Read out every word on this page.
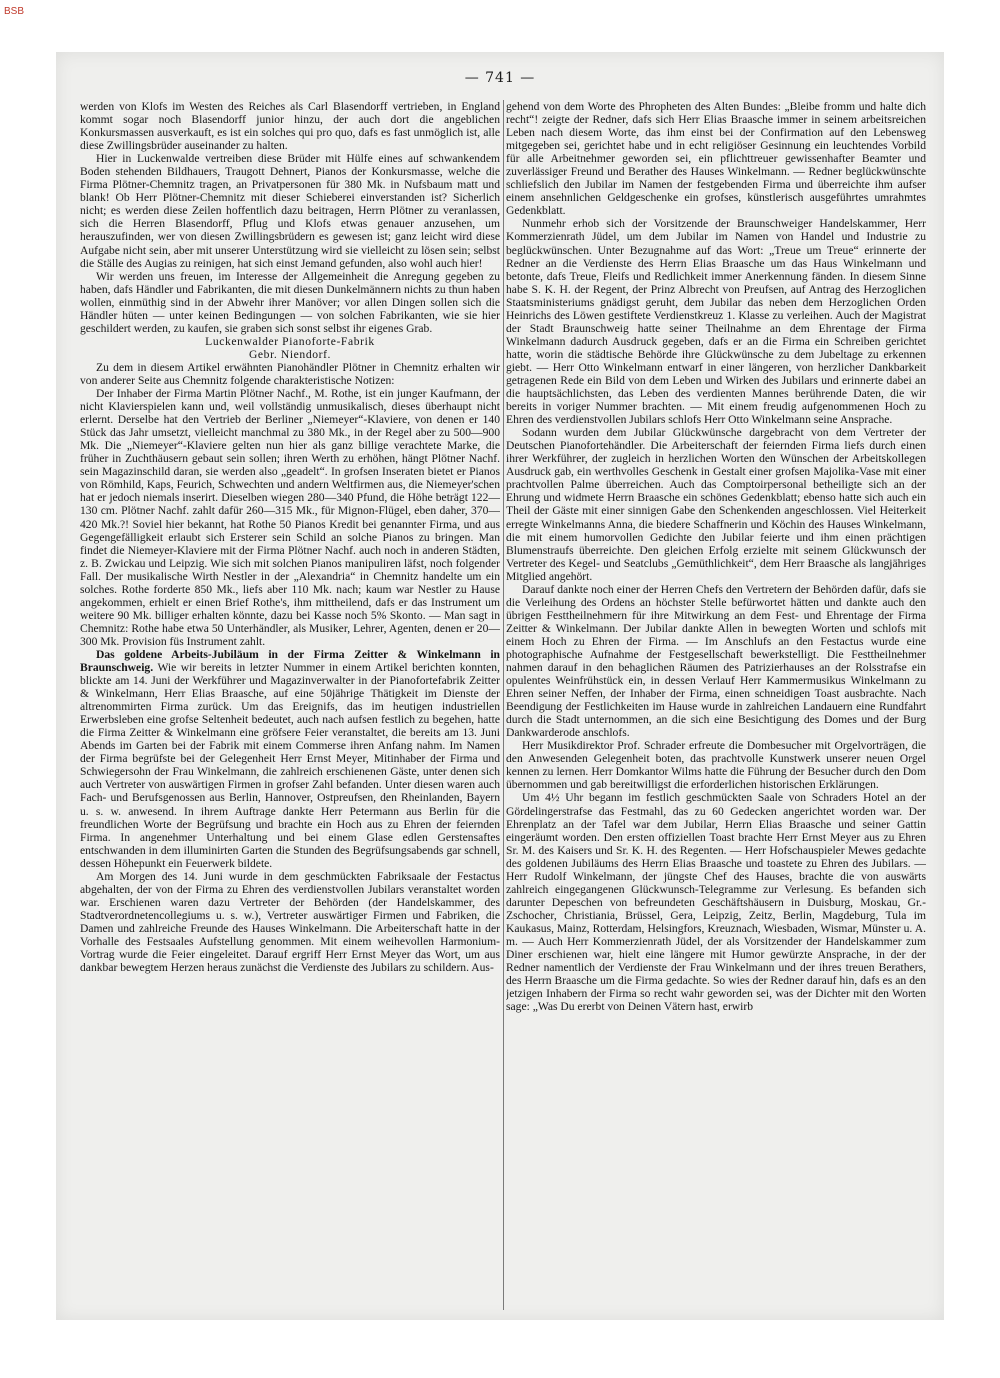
BSB
— 741 —

werden von Klofs im Westen des Reiches als Carl Blasendorff vertrieben, in England kommt sogar noch Blasendorff junior hinzu, der auch dort die angeblichen Konkursmassen ausverkauft, es ist ein solches qui pro quo, dafs es fast unmöglich ist, alle diese Zwillingsbrüder auseinander zu halten.

Hier in Luckenwalde vertreiben diese Brüder mit Hülfe eines auf schwankendem Boden stehenden Bildhauers, Traugott Dehnert, Pianos der Konkursmasse, welche die Firma Plötner-Chemnitz tragen, an Privatpersonen für 380 Mk. in Nufsbaum matt und blank! Ob Herr Plötner-Chemnitz mit dieser Schieberei einverstanden ist? Sicherlich nicht; es werden diese Zeilen hoffentlich dazu beitragen, Herrn Plötner zu veranlassen, sich die Herren Blasendorff, Pflug und Klofs etwas genauer anzusehen, um herauszufinden, wer von diesen Zwillingsbrüdern es gewesen ist; ganz leicht wird diese Aufgabe nicht sein, aber mit unserer Unterstützung wird sie vielleicht zu lösen sein; selbst die Ställe des Augias zu reinigen, hat sich einst Jemand gefunden, also wohl auch hier!

Wir werden uns freuen, im Interesse der Allgemeinheit die Anregung gegeben zu haben, dafs Händler und Fabrikanten, die mit diesen Dunkelmännern nichts zu thun haben wollen, einmüthig sind in der Abwehr ihrer Manöver; vor allen Dingen sollen sich die Händler hüten — unter keinen Bedingungen — von solchen Fabrikanten, wie sie hier geschildert werden, zu kaufen, sie graben sich sonst selbst ihr eigenes Grab.

Luckenwalder Pianoforte-Fabrik

Gebr. Niendorf.

Zu dem in diesem Artikel erwähnten Pianohändler Plötner in Chemnitz erhalten wir von anderer Seite aus Chemnitz folgende charakteristische Notizen:

Der Inhaber der Firma Martin Plötner Nachf., M. Rothe, ist ein junger Kaufmann, der nicht Klavierspielen kann und, weil vollständig unmusikalisch, dieses überhaupt nicht erlernt. Derselbe hat den Vertrieb der Berliner „Niemeyer“-Klaviere, von denen er 140 Stück das Jahr umsetzt, vielleicht manchmal zu 380 Mk., in der Regel aber zu 500—900 Mk. Die „Niemeyer“-Klaviere gelten nun hier als ganz billige verachtete Marke, die früher in Zuchthäusern gebaut sein sollen; ihren Werth zu erhöhen, hängt Plötner Nachf. sein Magazinschild daran, sie werden also „geadelt“. In grofsen Inseraten bietet er Pianos von Römhild, Kaps, Feurich, Schwechten und andern Weltfirmen aus, die Niemeyer'schen hat er jedoch niemals inserirt. Dieselben wiegen 280—340 Pfund, die Höhe beträgt 122—130 cm. Plötner Nachf. zahlt dafür 260—315 Mk., für Mignon-Flügel, eben daher, 370—420 Mk.?! Soviel hier bekannt, hat Rothe 50 Pianos Kredit bei genannter Firma, und aus Gegengefälligkeit erlaubt sich Ersterer sein Schild an solche Pianos zu bringen. Man findet die Niemeyer-Klaviere mit der Firma Plötner Nachf. auch noch in anderen Städten, z. B. Zwickau und Leipzig. Wie sich mit solchen Pianos manipuliren läfst, noch folgender Fall. Der musikalische Wirth Nestler in der „Alexandria“ in Chemnitz handelte um ein solches. Rothe forderte 850 Mk., liefs aber 110 Mk. nach; kaum war Nestler zu Hause angekommen, erhielt er einen Brief Rothe's, ihm mittheilend, dafs er das Instrument um weitere 90 Mk. billiger erhalten könnte, dazu bei Kasse noch 5% Skonto. — Man sagt in Chemnitz: Rothe habe etwa 50 Unterhändler, als Musiker, Lehrer, Agenten, denen er 20—300 Mk. Provision füs Instrument zahlt.

Das goldene Arbeits-Jubiläum in der Firma Zeitter & Winkelmann in Braunschweig. Wie wir bereits in letzter Nummer in einem Artikel berichten konnten, blickte am 14. Juni der Werkführer und Magazinverwalter in der Pianofortefabrik Zeitter & Winkelmann, Herr Elias Braasche, auf eine 50jährige Thätigkeit im Dienste der altrenommirten Firma zurück. Um das Ereignifs, das im heutigen industriellen Erwerbsleben eine grofse Seltenheit bedeutet, auch nach aufsen festlich zu begehen, hatte die Firma Zeitter & Winkelmann eine gröfsere Feier veranstaltet, die bereits am 13. Juni Abends im Garten bei der Fabrik mit einem Commerse ihren Anfang nahm. Im Namen der Firma begrüfste bei der Gelegenheit Herr Ernst Meyer, Mitinhaber der Firma und Schwiegersohn der Frau Winkelmann, die zahlreich erschienenen Gäste, unter denen sich auch Vertreter von auswärtigen Firmen in grofser Zahl befanden. Unter diesen waren auch Fach- und Berufsgenossen aus Berlin, Hannover, Ostpreufsen, den Rheinlanden, Bayern u. s. w. anwesend. In ihrem Auftrage dankte Herr Petermann aus Berlin für die freundlichen Worte der Begrüfsung und brachte ein Hoch aus zu Ehren der feiernden Firma. In angenehmer Unterhaltung und bei einem Glase edlen Gerstensaftes entschwanden in dem illuminirten Garten die Stunden des Begrüfsungsabends gar schnell, dessen Höhepunkt ein Feuerwerk bildete.

Am Morgen des 14. Juni wurde in dem geschmückten Fabriksaale der Festactus abgehalten, der von der Firma zu Ehren des verdienstvollen Jubilars veranstaltet worden war. Erschienen waren dazu Vertreter der Behörden (der Handelskammer, des Stadtverordnetencollegiums u. s. w.), Vertreter auswärtiger Firmen und Fabriken, die Damen und zahlreiche Freunde des Hauses Winkelmann. Die Arbeiterschaft hatte in der Vorhalle des Festsaales Aufstellung genommen. Mit einem weihevollen Harmonium-Vortrag wurde die Feier eingeleitet. Darauf ergriff Herr Ernst Meyer das Wort, um aus dankbar bewegtem Herzen heraus zunächst die Verdienste des Jubilars zu schildern. Aus-

gehend von dem Worte des Phropheten des Alten Bundes: „Bleibe fromm und halte dich recht“! zeigte der Redner, dafs sich Herr Elias Braasche immer in seinem arbeitsreichen Leben nach diesem Worte, das ihm einst bei der Confirmation auf den Lebensweg mitgegeben sei, gerichtet habe und in echt religiöser Gesinnung ein leuchtendes Vorbild für alle Arbeitnehmer geworden sei, ein pflichttreuer gewissenhafter Beamter und zuverlässiger Freund und Berather des Hauses Winkelmann. — Redner beglückwünschte schliefslich den Jubilar im Namen der festgebenden Firma und überreichte ihm aufser einem ansehnlichen Geldgeschenke ein grofses, künstlerisch ausgeführtes umrahmtes Gedenkblatt.

Nunmehr erhob sich der Vorsitzende der Braunschweiger Handelskammer, Herr Kommerzienrath Jüdel, um dem Jubilar im Namen von Handel und Industrie zu beglückwünschen. Unter Bezugnahme auf das Wort: „Treue um Treue“ erinnerte der Redner an die Verdienste des Herrn Elias Braasche um das Haus Winkelmann und betonte, dafs Treue, Fleifs und Redlichkeit immer Anerkennung fänden. In diesem Sinne habe S. K. H. der Regent, der Prinz Albrecht von Preufsen, auf Antrag des Herzoglichen Staatsministeriums gnädigst geruht, dem Jubilar das neben dem Herzoglichen Orden Heinrichs des Löwen gestiftete Verdienstkreuz 1. Klasse zu verleihen. Auch der Magistrat der Stadt Braunschweig hatte seiner Theilnahme an dem Ehrentage der Firma Winkelmann dadurch Ausdruck gegeben, dafs er an die Firma ein Schreiben gerichtet hatte, worin die städtische Behörde ihre Glückwünsche zu dem Jubeltage zu erkennen giebt. — Herr Otto Winkelmann entwarf in einer längeren, von herzlicher Dankbarkeit getragenen Rede ein Bild von dem Leben und Wirken des Jubilars und erinnerte dabei an die hauptsächlichsten, das Leben des verdienten Mannes berührende Daten, die wir bereits in voriger Nummer brachten. — Mit einem freudig aufgenommenen Hoch zu Ehren des verdienstvollen Jubilars schlofs Herr Otto Winkelmann seine Ansprache.

Sodann wurden dem Jubilar Glückwünsche dargebracht von dem Vertreter der Deutschen Pianofortehändler. Die Arbeiterschaft der feiernden Firma liefs durch einen ihrer Werkführer, der zugleich in herzlichen Worten den Wünschen der Arbeitskollegen Ausdruck gab, ein werthvolles Geschenk in Gestalt einer grofsen Majolika-Vase mit einer prachtvollen Palme überreichen. Auch das Comptoirpersonal betheiligte sich an der Ehrung und widmete Herrn Braasche ein schönes Gedenkblatt; ebenso hatte sich auch ein Theil der Gäste mit einer sinnigen Gabe den Schenkenden angeschlossen. Viel Heiterkeit erregte Winkelmanns Anna, die biedere Schaffnerin und Köchin des Hauses Winkelmann, die mit einem humorvollen Gedichte den Jubilar feierte und ihm einen prächtigen Blumenstraufs überreichte. Den gleichen Erfolg erzielte mit seinem Glückwunsch der Vertreter des Kegel- und Seatclubs „Gemüthlichkeit“, dem Herr Braasche als langjähriges Mitglied angehört.

Darauf dankte noch einer der Herren Chefs den Vertretern der Behörden dafür, dafs sie die Verleihung des Ordens an höchster Stelle befürwortet hätten und dankte auch den übrigen Festtheilnehmern für ihre Mitwirkung an dem Fest- und Ehrentage der Firma Zeitter & Winkelmann. Der Jubilar dankte Allen in bewegten Worten und schlofs mit einem Hoch zu Ehren der Firma. — Im Anschlufs an den Festactus wurde eine photographische Aufnahme der Festgesellschaft bewerkstelligt. Die Festtheilnehmer nahmen darauf in den behaglichen Räumen des Patrizierhauses an der Rolsstrafse ein opulentes Weinfrühstück ein, in dessen Verlauf Herr Kammermusikus Winkelmann zu Ehren seiner Neffen, der Inhaber der Firma, einen schneidigen Toast ausbrachte. Nach Beendigung der Festlichkeiten im Hause wurde in zahlreichen Landauern eine Rundfahrt durch die Stadt unternommen, an die sich eine Besichtigung des Domes und der Burg Dankwarderode anschlofs.

Herr Musikdirektor Prof. Schrader erfreute die Dombesucher mit Orgelvorträgen, die den Anwesenden Gelegenheit boten, das prachtvolle Kunstwerk unserer neuen Orgel kennen zu lernen. Herr Domkantor Wilms hatte die Führung der Besucher durch den Dom übernommen und gab bereitwilligst die erforderlichen historischen Erklärungen.

Um 4½ Uhr begann im festlich geschmückten Saale von Schraders Hotel an der Gördelingerstrafse das Festmahl, das zu 60 Gedecken angerichtet worden war. Der Ehrenplatz an der Tafel war dem Jubilar, Herrn Elias Braasche und seiner Gattin eingeräumt worden. Den ersten offiziellen Toast brachte Herr Ernst Meyer aus zu Ehren Sr. M. des Kaisers und Sr. K. H. des Regenten. — Herr Hofschauspieler Mewes gedachte des goldenen Jubiläums des Herrn Elias Braasche und toastete zu Ehren des Jubilars. — Herr Rudolf Winkelmann, der jüngste Chef des Hauses, brachte die von auswärts zahlreich eingegangenen Glückwunsch-Telegramme zur Verlesung. Es befanden sich darunter Depeschen von befreundeten Geschäftshäusern in Duisburg, Moskau, Gr.-Zschocher, Christiania, Brüssel, Gera, Leipzig, Zeitz, Berlin, Magdeburg, Tula im Kaukasus, Mainz, Rotterdam, Helsingfors, Kreuznach, Wiesbaden, Wismar, Münster u. A. m. — Auch Herr Kommerzienrath Jüdel, der als Vorsitzender der Handelskammer zum Diner erschienen war, hielt eine längere mit Humor gewürzte Ansprache, in der der Redner namentlich der Verdienste der Frau Winkelmann und der ihres treuen Berathers, des Herrn Braasche um die Firma gedachte. So wies der Redner darauf hin, dafs es an den jetzigen Inhabern der Firma so recht wahr geworden sei, was der Dichter mit den Worten sage: „Was Du ererbt von Deinen Vätern hast, erwirb
